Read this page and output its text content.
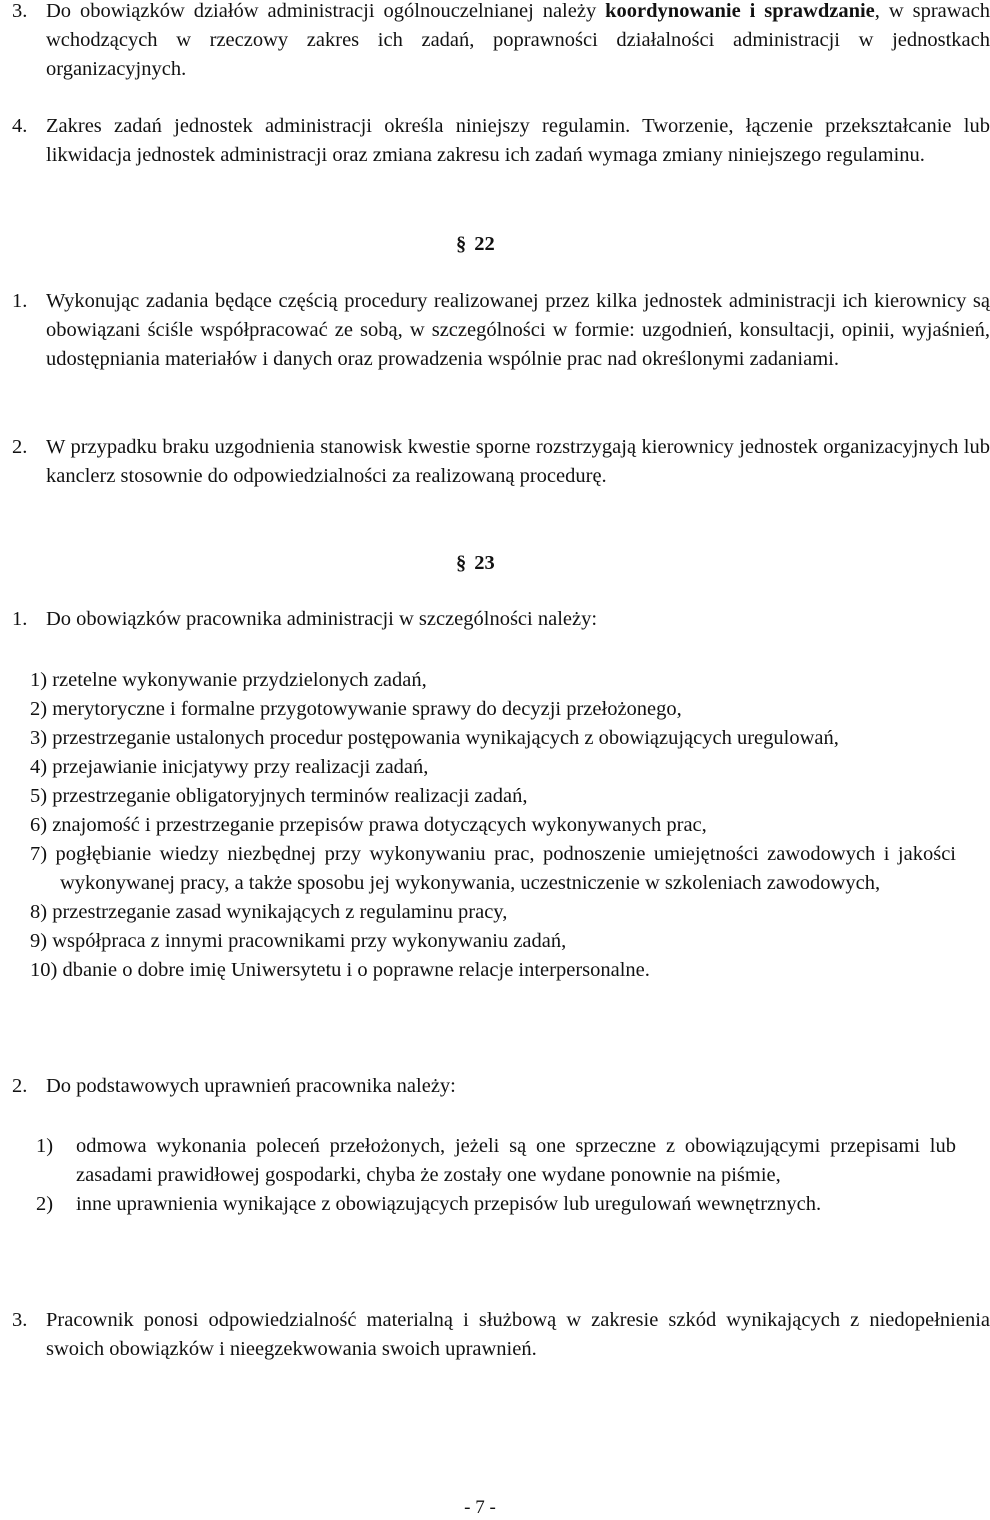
3. Do obowiązków działów administracji ogólnouczelnianej należy koordynowanie i sprawdzanie, w sprawach wchodzących w rzeczowy zakres ich zadań, poprawności działalności administracji w jednostkach organizacyjnych.

4. Zakres zadań jednostek administracji określa niniejszy regulamin. Tworzenie, łączenie przekształcanie lub likwidacja jednostek administracji oraz zmiana zakresu ich zadań wymaga zmiany niniejszego regulaminu.

§ 22

1. Wykonując zadania będące częścią procedury realizowanej przez kilka jednostek administracji ich kierownicy są obowiązani ściśle współpracować ze sobą, w szczególności w formie: uzgodnień, konsultacji, opinii, wyjaśnień, udostępniania materiałów i danych oraz prowadzenia wspólnie prac nad określonymi zadaniami.

2. W przypadku braku uzgodnienia stanowisk kwestie sporne rozstrzygają kierownicy jednostek organizacyjnych lub kanclerz stosownie do odpowiedzialności za realizowaną procedurę.

§ 23

1. Do obowiązków pracownika administracji w szczególności należy:

1) rzetelne wykonywanie przydzielonych zadań,
2) merytoryczne i formalne przygotowywanie sprawy do decyzji przełożonego,
3) przestrzeganie ustalonych procedur postępowania wynikających z obowiązujących uregulowań,
4) przejawianie inicjatywy przy realizacji zadań,
5) przestrzeganie obligatoryjnych terminów realizacji zadań,
6) znajomość i przestrzeganie przepisów prawa dotyczących wykonywanych prac,
7) pogłębianie wiedzy niezbędnej przy wykonywaniu prac, podnoszenie umiejętności zawodowych i jakości wykonywanej pracy, a także sposobu jej wykonywania, uczestniczenie w szkoleniach zawodowych,
8) przestrzeganie zasad wynikających z regulaminu pracy,
9) współpraca z innymi pracownikami przy wykonywaniu zadań,
10) dbanie o dobre imię Uniwersytetu i o poprawne relacje interpersonalne.

2. Do podstawowych uprawnień pracownika należy:

1) odmowa wykonania poleceń przełożonych, jeżeli są one sprzeczne z obowiązującymi przepisami lub zasadami prawidłowej gospodarki, chyba że zostały one wydane ponownie na piśmie,
2) inne uprawnienia wynikające z obowiązujących przepisów lub uregulowań wewnętrznych.

3. Pracownik ponosi odpowiedzialność materialną i służbową w zakresie szkód wynikających z niedopełnienia swoich obowiązków i nieegzekwowania swoich uprawnień.

- 7 -
